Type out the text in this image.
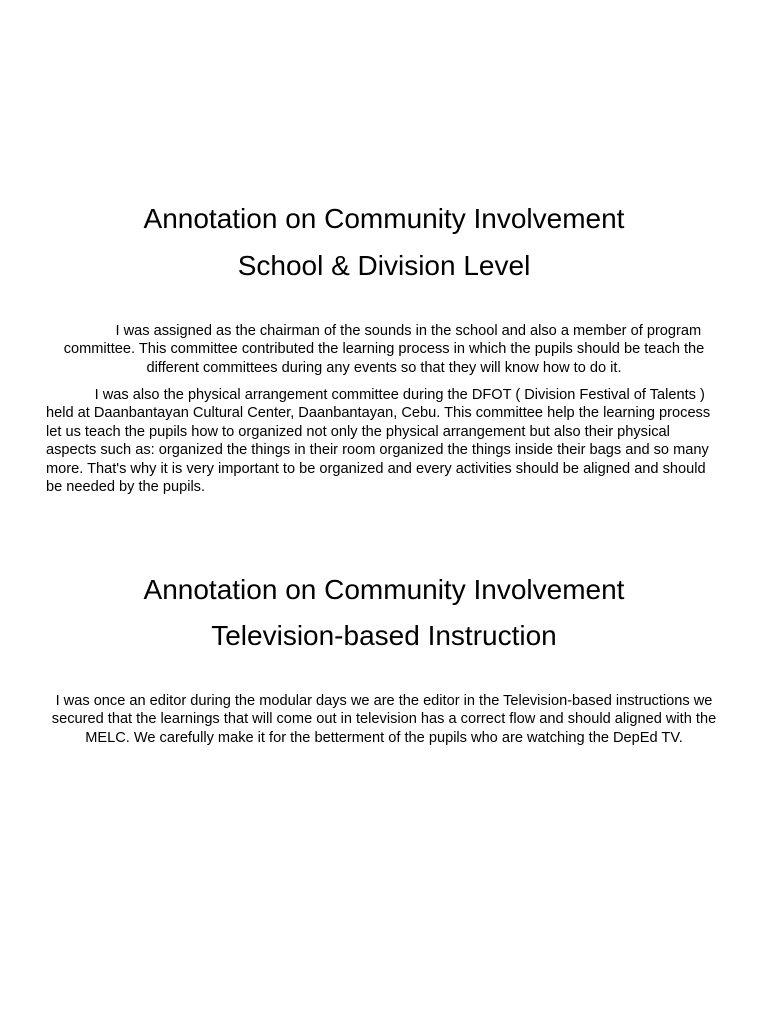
Annotation on Community Involvement
School & Division Level

I was assigned as the chairman of the sounds in the school and also a member of program committee. This committee contributed the learning process in which the pupils should be teach the different committees during any events so that they will know how to do it.

I was also the physical arrangement committee during the DFOT ( Division Festival of Talents ) held at Daanbantayan Cultural Center, Daanbantayan, Cebu. This committee help the learning process let us teach the pupils how to organized not only the physical arrangement but also their physical aspects such as: organized the things in their room organized the things inside their bags and so many more. That's why it is very important to be organized and every activities should be aligned and should be needed by the pupils.

Annotation on Community Involvement
Television-based Instruction

I was once an editor during the modular days we are the editor in the Television-based instructions we secured that the learnings that will come out in television has a correct flow and should aligned with the MELC. We carefully make it for the betterment of the pupils who are watching the DepEd TV.
